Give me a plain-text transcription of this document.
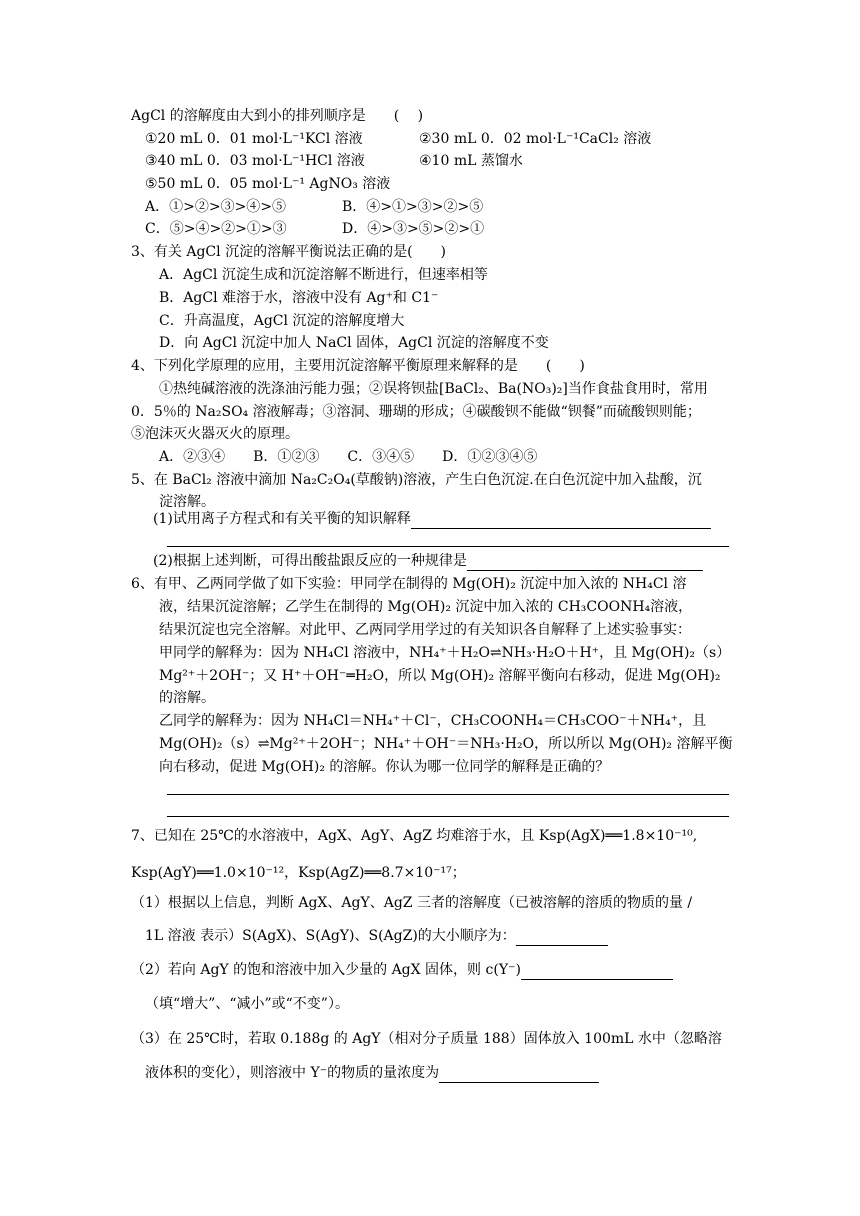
AgCl 的溶解度由大到小的排列顺序是　　(　 )
①20 mL 0．01 mol·L⁻¹KCl 溶液	②30 mL 0．02 mol·L⁻¹CaCl₂ 溶液
③40 mL 0．03 mol·L⁻¹HCl 溶液	④10 mL 蒸馏水
⑤50 mL 0．05 mol·L⁻¹ AgNO₃ 溶液
A．①>②>③>④>⑤	B．④>①>③>②>⑤
C．⑤>④>②>①>③	D．④>③>⑤>②>①
3、有关 AgCl 沉淀的溶解平衡说法正确的是(　　)
A．AgCl 沉淀生成和沉淀溶解不断进行，但速率相等
B．AgCl 难溶于水，溶液中没有 Ag⁺和 C1⁻
C．升高温度，AgCl 沉淀的溶解度增大
D．向 AgCl 沉淀中加人 NaCl 固体，AgCl 沉淀的溶解度不变
4、下列化学原理的应用，主要用沉淀溶解平衡原理来解释的是　　(　　)
①热纯碱溶液的洗涤油污能力强；②误将钡盐[BaCl₂、Ba(NO₃)₂]当作食盐食用时，常用
0．5％的 Na₂SO₄ 溶液解毒；③溶洞、珊瑚的形成；④碳酸钡不能做“钡餐”而硫酸钡则能；
⑤泡沫灭火器灭火的原理。
A．②③④　　B．①②③　　C．③④⑤　　D．①②③④⑤
5、在 BaCl₂ 溶液中滴加 Na₂C₂O₄(草酸钠)溶液，产生白色沉淀.在白色沉淀中加入盐酸，沉
淀溶解。
(1)试用离子方程式和有关平衡的知识解释
(2)根据上述判断，可得出酸盐跟反应的一种规律是
6、有甲、乙两同学做了如下实验：甲同学在制得的 Mg(OH)₂ 沉淀中加入浓的 NH₄Cl 溶
液，结果沉淀溶解；乙学生在制得的 Mg(OH)₂ 沉淀中加入浓的 CH₃COONH₄溶液，
结果沉淀也完全溶解。对此甲、乙两同学用学过的有关知识各自解释了上述实验事实：
甲同学的解释为：因为 NH₄Cl 溶液中，NH₄⁺＋H₂O⇌NH₃·H₂O＋H⁺，且 Mg(OH)₂（s）
Mg²⁺＋2OH⁻；又 H⁺＋OH⁻═H₂O，所以 Mg(OH)₂ 溶解平衡向右移动，促进 Mg(OH)₂
的溶解。
乙同学的解释为：因为 NH₄Cl＝NH₄⁺＋Cl⁻，CH₃COONH₄＝CH₃COO⁻＋NH₄⁺，且
Mg(OH)₂（s）⇌Mg²⁺＋2OH⁻；NH₄⁺＋OH⁻＝NH₃·H₂O，所以所以 Mg(OH)₂ 溶解平衡
向右移动，促进 Mg(OH)₂ 的溶解。你认为哪一位同学的解释是正确的？
7、已知在 25℃的水溶液中，AgX、AgY、AgZ 均难溶于水，且 Ksp(AgX)══1.8×10⁻¹⁰,
Ksp(AgY)══1.0×10⁻¹²，Ksp(AgZ)══8.7×10⁻¹⁷；
（1）根据以上信息，判断 AgX、AgY、AgZ 三者的溶解度（已被溶解的溶质的物质的量 /
1L 溶液 表示）S(AgX)、S(AgY)、S(AgZ)的大小顺序为：
（2）若向 AgY 的饱和溶液中加入少量的 AgX 固体，则 c(Y⁻)
（填“增大”、“减小”或“不变”）。
（3）在 25℃时，若取 0.188g 的 AgY（相对分子质量 188）固体放入 100mL 水中（忽略溶
液体积的变化），则溶液中 Y⁻的物质的量浓度为
